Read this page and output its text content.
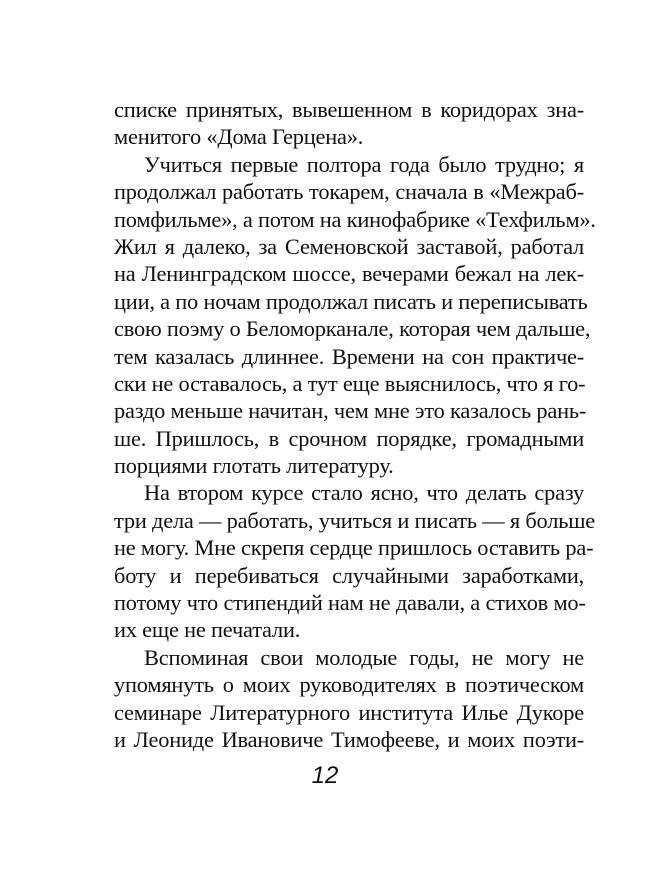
списке принятых, вывешенном в коридорах зна-
менитого «Дома Герцена».
Учиться первые полтора года было трудно; я
продолжал работать токарем, сначала в «Межраб-
помфильме», а потом на кинофабрике «Техфильм».
Жил я далеко, за Семеновской заставой, работал
на Ленинградском шоссе, вечерами бежал на лек-
ции, а по ночам продолжал писать и переписывать
свою поэму о Беломорканале, которая чем дальше,
тем казалась длиннее. Времени на сон практиче-
ски не оставалось, а тут еще выяснилось, что я го-
раздо меньше начитан, чем мне это казалось рань-
ше. Пришлось, в срочном порядке, громадными
порциями глотать литературу.
На втором курсе стало ясно, что делать сразу
три дела — работать, учиться и писать — я больше
не могу. Мне скрепя сердце пришлось оставить ра-
боту и перебиваться случайными заработками,
потому что стипендий нам не давали, а стихов мо-
их еще не печатали.
Вспоминая свои молодые годы, не могу не
упомянуть о моих руководителях в поэтическом
семинаре Литературного института Илье Дукоре
и Леониде Ивановиче Тимофееве, и моих поэти-
12
